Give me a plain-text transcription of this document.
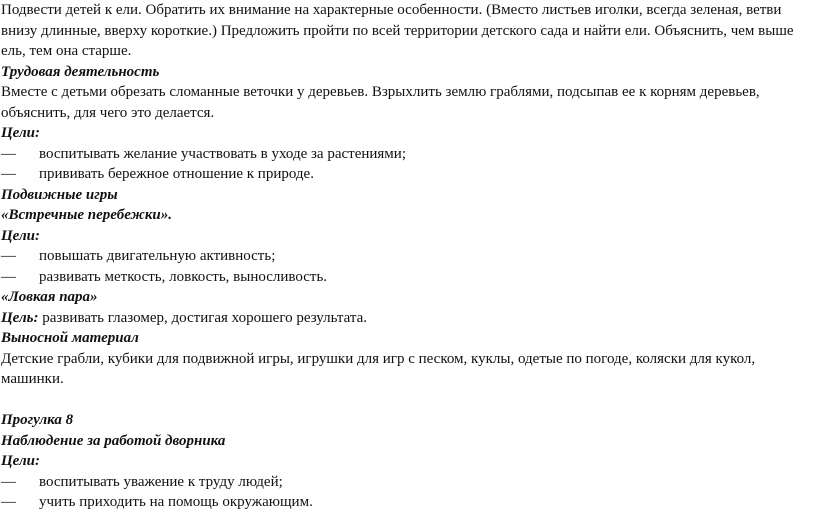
Подвести детей к ели. Обратить их внимание на характерные особенности. (Вместо листьев иголки, всегда зеленая, ветви внизу длинные, вверху короткие.) Предложить пройти по всей территории детского сада и найти ели. Объяснить, чем выше ель, тем она старше.

Трудовая деятельность

Вместе с детьми обрезать сломанные веточки у деревьев. Взрыхлить землю граблями, подсыпав ее к корням деревьев, объяснить, для чего это делается.

Цели:

—	воспитывать желание участвовать в уходе за растениями;
—	прививать бережное отношение к природе.

Подвижные игры

«Встречные перебежки».

Цели:

—	повышать двигательную активность;
—	развивать меткость, ловкость, выносливость.

«Ловкая пара»

Цель: развивать глазомер, достигая хорошего результата.

Выносной материал

Детские грабли, кубики для подвижной игры, игрушки для игр с песком, куклы, одетые по погоде, коляски для кукол, машинки.

Прогулка 8

Наблюдение за работой дворника

Цели:

—	воспитывать уважение к труду людей;
—	учить приходить на помощь окружающим.
